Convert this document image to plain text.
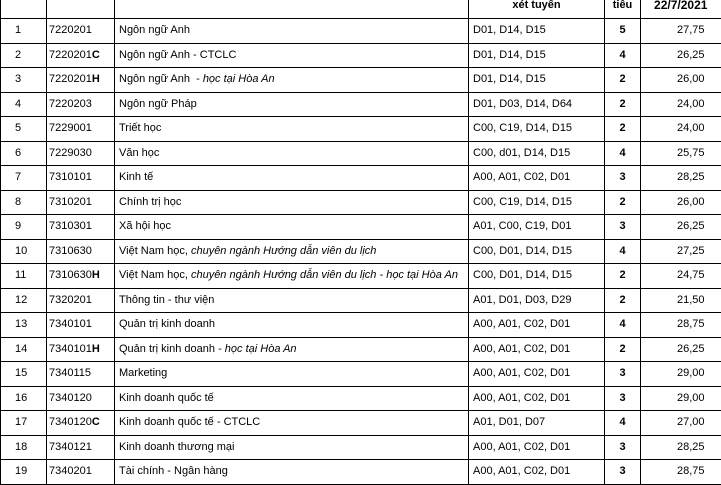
			xét tuyển	tiêu	22/7/2021
1	7220201	Ngôn ngữ Anh	D01, D14, D15	5	27,75
2	7220201C	Ngôn ngữ Anh - CTCLC	D01, D14, D15	4	26,25
3	7220201H	Ngôn ngữ Anh  - học tại Hòa An	D01, D14, D15	2	26,00
4	7220203	Ngôn ngữ Pháp	D01, D03, D14, D64	2	24,00
5	7229001	Triết học	C00, C19, D14, D15	2	24,00
6	7229030	Văn học	C00, d01, D14, D15	4	25,75
7	7310101	Kinh tế	A00, A01, C02, D01	3	28,25
8	7310201	Chính trị học	C00, C19, D14, D15	2	26,00
9	7310301	Xã hội học	A01, C00, C19, D01	3	26,25
10	7310630	Việt Nam học, chuyên ngành Hướng dẫn viên du lịch	C00, D01, D14, D15	4	27,25
11	7310630H	Việt Nam học, chuyên ngành Hướng dẫn viên du lịch - học tại Hòa An	C00, D01, D14, D15	2	24,75
12	7320201	Thông tin - thư viện	A01, D01, D03, D29	2	21,50
13	7340101	Quản trị kinh doanh	A00, A01, C02, D01	4	28,75
14	7340101H	Quản trị kinh doanh - học tại Hòa An	A00, A01, C02, D01	2	26,25
15	7340115	Marketing	A00, A01, C02, D01	3	29,00
16	7340120	Kinh doanh quốc tế	A00, A01, C02, D01	3	29,00
17	7340120C	Kinh doanh quốc tế - CTCLC	A01, D01, D07	4	27,00
18	7340121	Kinh doanh thương mại	A00, A01, C02, D01	3	28,25
19	7340201	Tài chính - Ngân hàng	A00, A01, C02, D01	3	28,75
